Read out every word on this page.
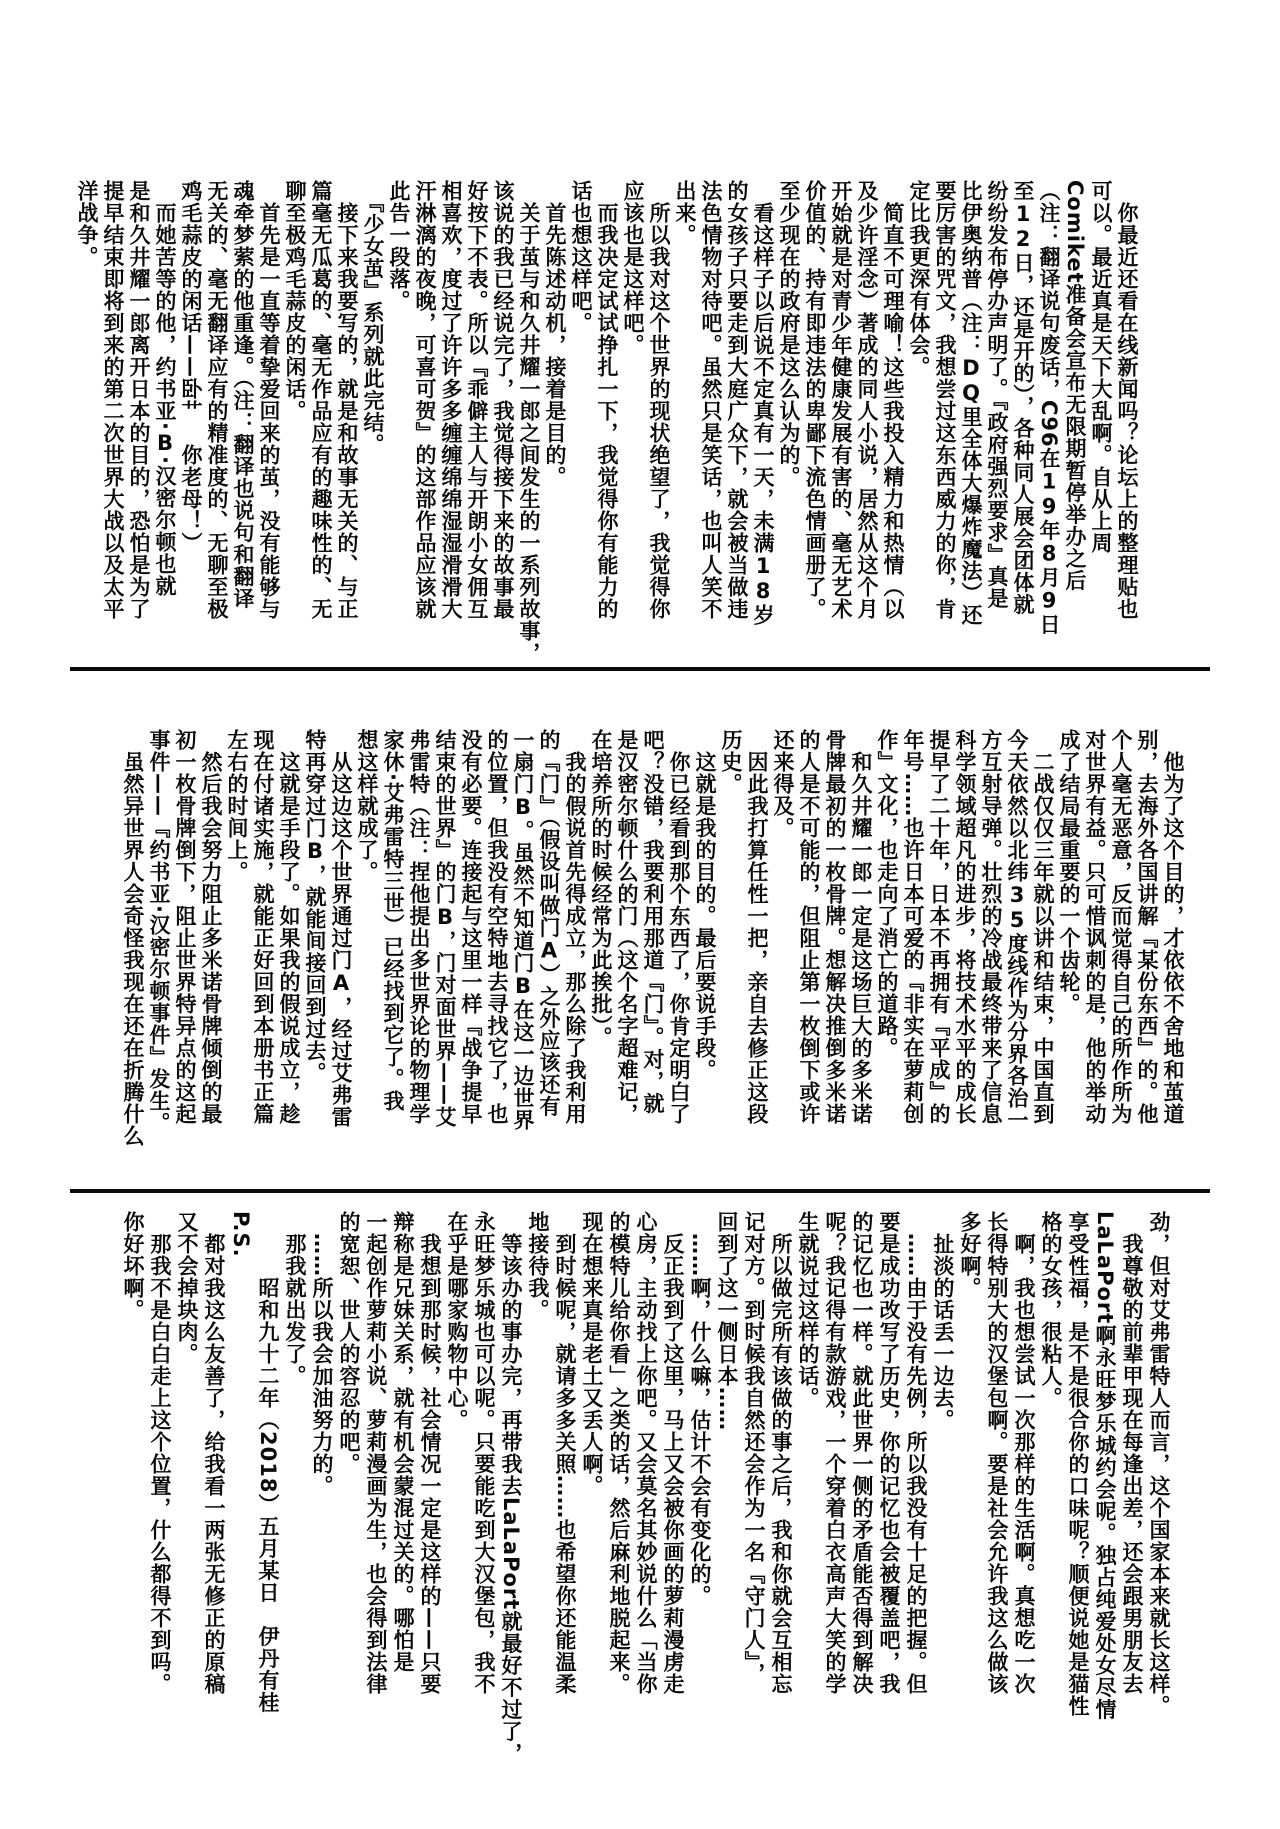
　你最近还看在线新闻吗？论坛上的整理贴也
可以。最近真是天下大乱啊。自从上周
Comiket准备会宣布无限期暂停举办之后
（注：翻译说句废话，C96在19年8月9日
至12日，还是开的），各种同人展会团体就
纷纷发布停办声明了。『政府强烈要求』真是
比伊奥纳普（注：DQ里全体大爆炸魔法）还
要厉害的咒文，我想尝过这东西威力的你，肯
定比我更深有体会。
　简直不可理喻！这些我投入精力和热情（以
及少许淫念）著成的同人小说，居然从这个月
开始就是对青少年健康发展有害的、毫无艺术
价值的、持有即违法的卑鄙下流色情画册了。
至少现在的政府是这么认为的。
　看这样子以后说不定真有一天，未满18岁
的女孩子只要走到大庭广众下，就会被当做违
法色情物对待吧。虽然只是笑话，也叫人笑不
出来。
　所以我对这个世界的现状绝望了，我觉得你
应该也是这样吧。
　而我决定试试挣扎一下，我觉得你有能力的
话也想这样吧。
　首先陈述动机，接着是目的。
　关于茧与和久井耀一郎之间发生的一系列故事，
该说的我已经说完了，我觉得接下来的故事最
好按下不表。所以『乖僻主人与开朗小女佣互
相喜欢，度过了许许多多缠缠绵绵湿湿滑滑大
汗淋漓的夜晚，可喜可贺』的这部作品应该就
此告一段落。
　『少女茧』系列就此完结。
　接下来我要写的，就是和故事无关的、与正
篇毫无瓜葛的、毫无作品应有的趣味性的、无
聊至极鸡毛蒜皮的闲话。
　首先是一直等着挚爱回来的茧，没有能够与
魂牵梦萦的他重逢。（注：翻译也说句和翻译
无关的、毫无翻译应有的精准度的、无聊至极
鸡毛蒜皮的闲话——卧艹　你老母！）
　而她苦等的他，约书亚·B·汉密尔顿也就
是和久井耀一郎离开日本的目的，恐怕是为了
提早结束即将到来的第二次世界大战以及太平
洋战争。
　他为了这个目的，才依依不舍地和茧道
别，去海外各国讲解『某份东西』的。他
个人毫无恶意，反而觉得自己的所作所为
对世界有益。只可惜讽刺的是，他的举动
成了结局最重要的一个齿轮。
　二战仅仅三年就以讲和结束，中国直到
今天依然以北纬35度线作为分界各治一
方互射导弹。壮烈的冷战最终带来了信息
科学领域超凡的进步，将技术水平的成长
提早了二十年，日本不再拥有『平成』的
年号……也许日本可爱的『非实在萝莉创
作』文化，也走向了消亡的道路。
　和久井耀一郎一定是这场巨大的多米诺
骨牌最初的一枚骨牌。想解决推倒多米诺
的人是不可能的，但阻止第一枚倒下或许
还来得及。
　因此我打算任性一把，亲自去修正这段
历史。
　这就是我的目的。最后要说手段。
　你已经看到那个东西了，你肯定明白了
吧？没错，我要利用那道『门』。对，就
是汉密尔顿什么的门（这个名字超难记，
在培养所的时候经常为此挨批）。
　我的假说首先得成立，那么除了我利用
的『门』（假设叫做门A）之外应该还有
一扇门B。虽然不知道门B在这一边世界
的位置，但我没有空特地去寻找它了，也
没有必要。连接起与这里一样『战争提早
结束的世界』的门B，门对面世界——艾
弗雷特（注：捏他提出多世界论的物理学
家休·艾弗雷特三世）已经找到它了。我
想这样就成了。
　从这边这个世界通过门A，经过艾弗雷
特再穿过门B，就能间接回到过去。
　这就是手段了。如果我的假说成立，趁
现在付诸实施，就能正好回到本册书正篇
左右的时间上。
　然后我会努力阻止多米诺骨牌倾倒的最
初一枚骨牌倒下，阻止世界特异点的这起
事件——『约书亚·汉密尔顿事件』发生。
　虽然异世界人会奇怪我现在还在折腾什么
劲，但对艾弗雷特人而言，这个国家本来就长这样。
　我尊敬的前辈甲现在每逢出差，还会跟男朋友去
LaLaPort啊永旺梦乐城约会呢。独占纯爱处女尽情
享受性福，是不是很合你的口味呢？顺便说她是猫性
格的女孩，很粘人。
　啊，我也想尝试一次那样的生活啊。真想吃一次
长得特别大的汉堡包啊。要是社会允许我这么做该
多好啊。
　扯淡的话丢一边去。
　……由于没有先例，所以我没有十足的把握。但
要是成功改写了历史，你的记忆也会被覆盖吧，我
的记忆也一样。就此世界一侧的矛盾能否得到解决
呢？我记得有款游戏，一个穿着白衣高声大笑的学
生就说过这样的话。
　所以做完所有该做的事之后，我和你就会互相忘
记对方。到时候我自然还会作为一名『守门人』，
回到了这一侧日本……
　……啊，什么嘛，估计不会有变化的。
　反正我到了这里，马上又会被你画的萝莉漫虏走
心房，主动找上你吧。又会莫名其妙说什么「当你
的模特儿给你看」之类的话，然后麻利地脱起来。
现在想来真是老土又丢人啊。
　到时候呢，就请多多关照……也希望你还能温柔
地接待我。
　等该办的事办完，再带我去LaLaPort就最好不过了，
永旺梦乐城也可以呢。只要能吃到大汉堡包，我不
在乎是哪家购物中心。
　我想到那时候，社会情况一定是这样的——只要
辩称是兄妹关系，就有机会蒙混过关的。哪怕是
一起创作萝莉小说、萝莉漫画为生，也会得到法律
的宽恕、世人的容忍的吧。
　……所以我会加油努力的。
　那我就出发了。
　　　昭和九十二年（2018）五月某日　伊丹有桂
P.S.
　都对我这么友善了，给我看一两张无修正的原稿
又不会掉块肉。
　那我不是白白走上这个位置，什么都得不到吗。
你好坏啊。
